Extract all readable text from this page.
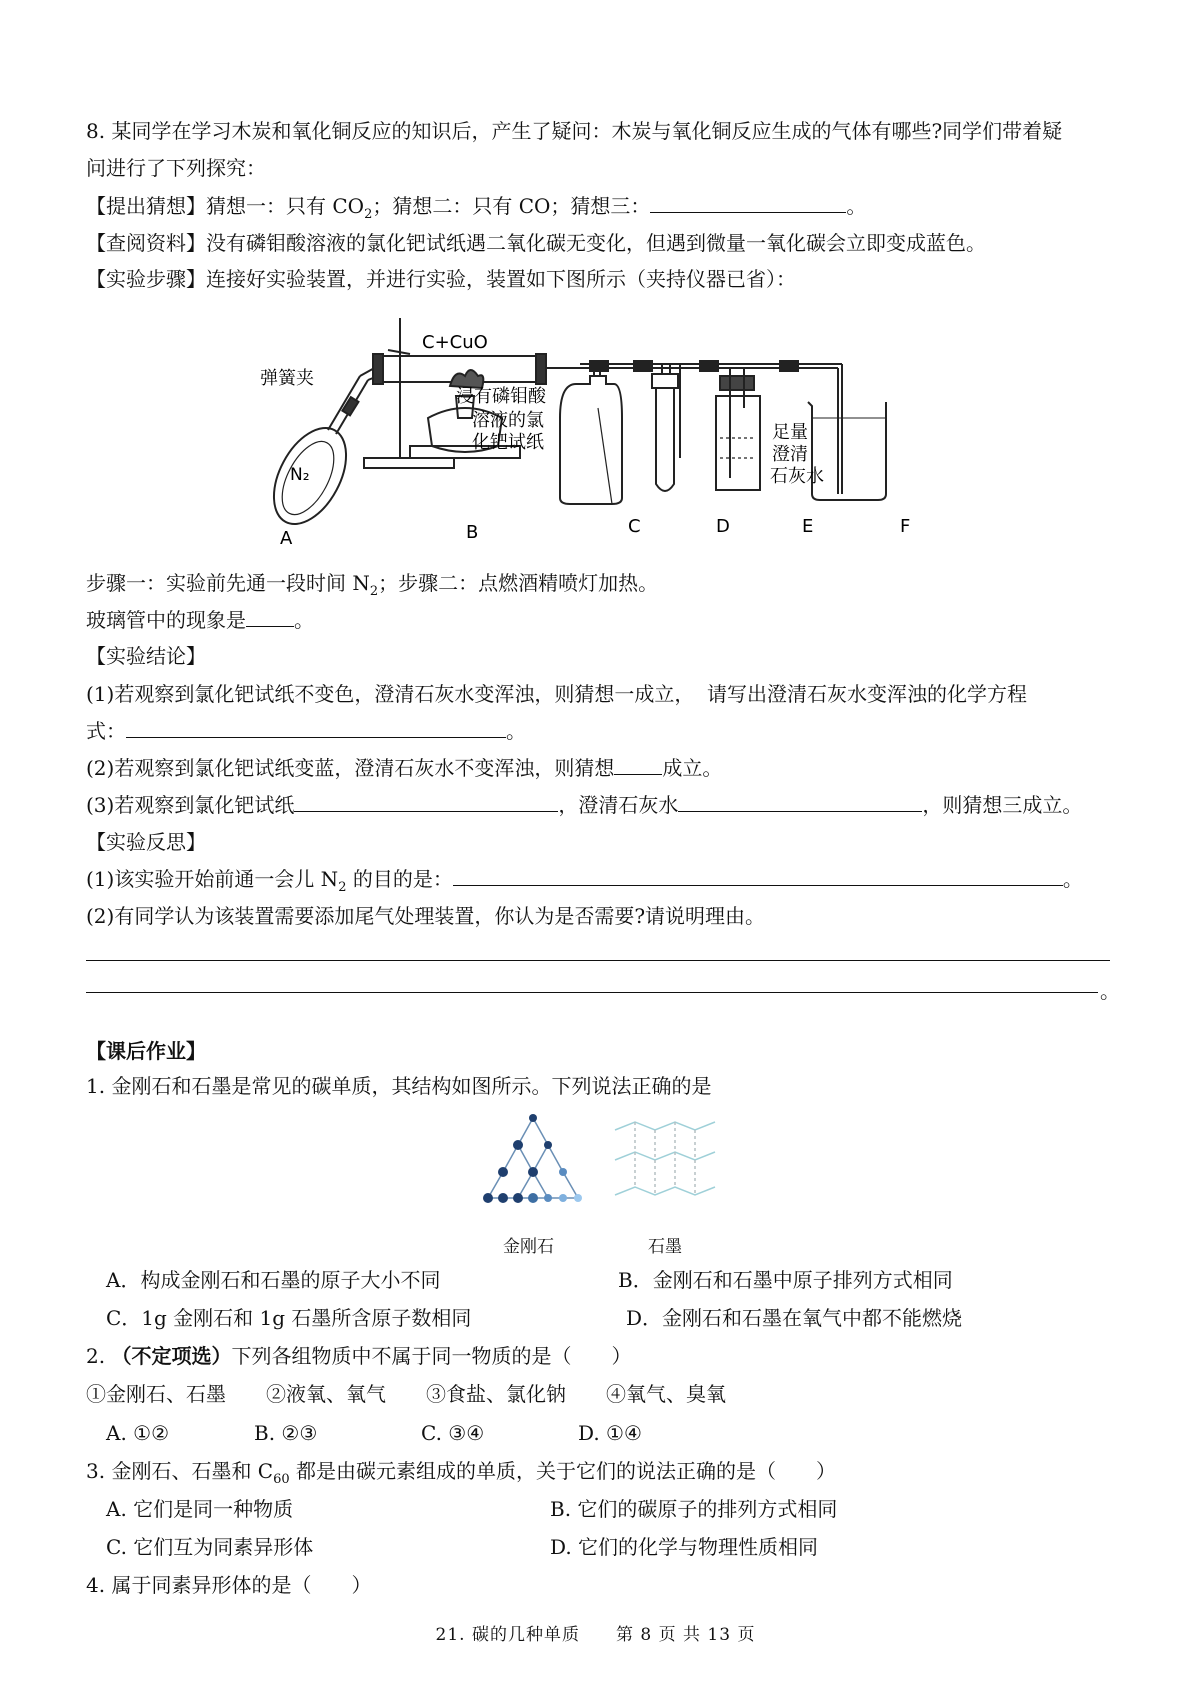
8. 某同学在学习木炭和氧化铜反应的知识后，产生了疑问：木炭与氧化铜反应生成的气体有哪些?同学们带着疑
问进行了下列探究：
【提出猜想】猜想一：只有 $CO_2$；猜想二：只有 CO；猜想三：	。
【查阅资料】没有磷钼酸溶液的氯化钯试纸遇二氧化碳无变化，但遇到微量一氧化碳会立即变成蓝色。
【实验步骤】连接好实验装置，并进行实验，装置如下图所示（夹持仪器已省）：
C+CuO
弹簧夹
N₂
浸有磷钼酸
溶液的氯
化钯试纸	足量
澄清
石灰水
A	B	C	D	E	F
步骤一：实验前先通一段时间 $N_2$；步骤二：点燃酒精喷灯加热。
玻璃管中的现象是 。
【实验结论】
(1)若观察到氯化钯试纸不变色，澄清石灰水变浑浊，则猜想一成立，  请写出澄清石灰水变浑浊的化学方程
式：	。
(2)若观察到氯化钯试纸变蓝，澄清石灰水不变浑浊，则猜想 成立。
(3)若观察到氯化钯试纸	，澄清石灰水	，则猜想三成立。
【实验反思】
(1)该实验开始前通一会儿 $N_2$ 的目的是：	。
(2)有同学认为该装置需要添加尾气处理装置，你认为是否需要?请说明理由。
。
【课后作业】
1. 金刚石和石墨是常见的碳单质，其结构如图所示。下列说法正确的是
金刚石	石墨
A．构成金刚石和石墨的原子大小不同	B．金刚石和石墨中原子排列方式相同
C．1g 金刚石和 1g 石墨所含原子数相同	D．金刚石和石墨在氧气中都不能燃烧
2. （不定项选）下列各组物质中不属于同一物质的是（　　）
①金刚石、石墨　　②液氧、氧气　　③食盐、氯化钠　　④氧气、臭氧
A. ①②	B. ②③	C. ③④	D. ①④
3. 金刚石、石墨和 $C_{60}$ 都是由碳元素组成的单质，关于它们的说法正确的是（　　）
A. 它们是同一种物质	B. 它们的碳原子的排列方式相同
C. 它们互为同素异形体	D. 它们的化学与物理性质相同
4. 属于同素异形体的是（　　）
21. 碳的几种单质　　第 8 页 共 13 页
